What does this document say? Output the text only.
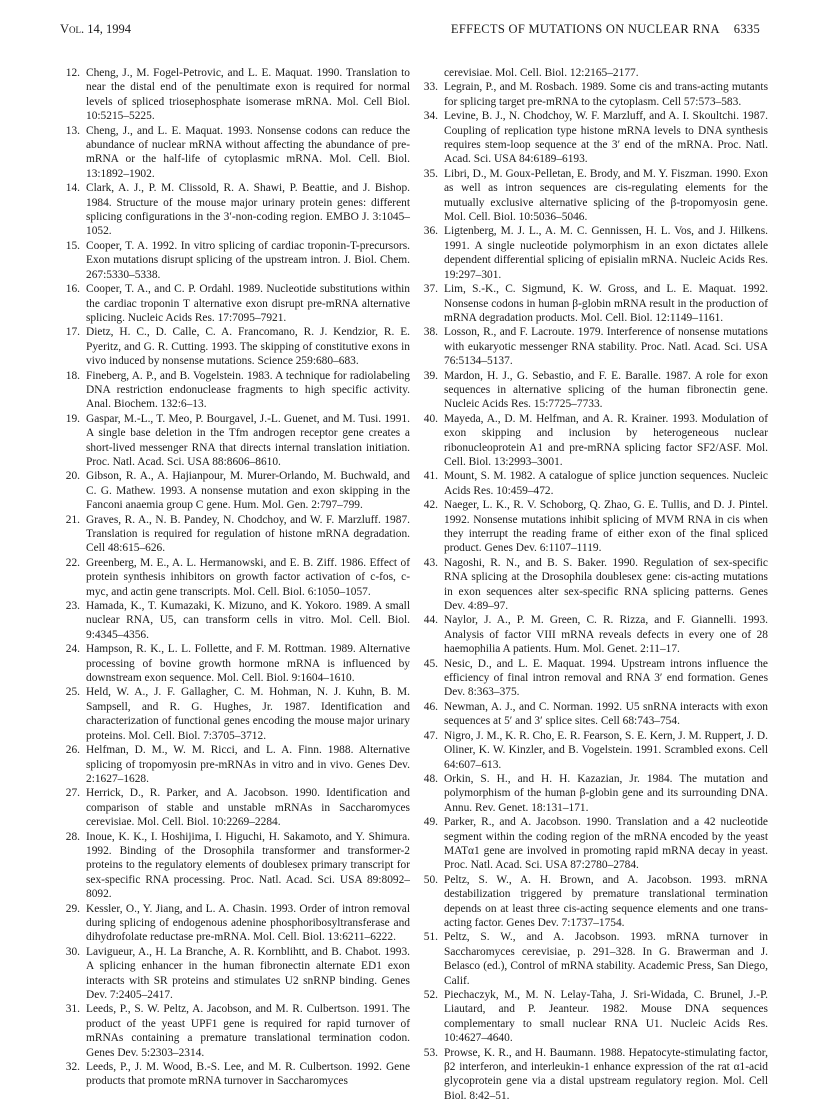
Vol. 14, 1994	EFFECTS OF MUTATIONS ON NUCLEAR RNA 6335

12. Cheng, J., M. Fogel-Petrovic, and L. E. Maquat. 1990. Translation to near the distal end of the penultimate exon is required for normal levels of spliced triosephosphate isomerase mRNA. Mol. Cell Biol. 10:5215–5225.

13. Cheng, J., and L. E. Maquat. 1993. Nonsense codons can reduce the abundance of nuclear mRNA without affecting the abundance of pre-mRNA or the half-life of cytoplasmic mRNA. Mol. Cell. Biol. 13:1892–1902.

14. Clark, A. J., P. M. Clissold, R. A. Shawi, P. Beattie, and J. Bishop. 1984. Structure of the mouse major urinary protein genes: different splicing configurations in the 3′-non-coding region. EMBO J. 3:1045–1052.

15. Cooper, T. A. 1992. In vitro splicing of cardiac troponin-T-precursors. Exon mutations disrupt splicing of the upstream intron. J. Biol. Chem. 267:5330–5338.

16. Cooper, T. A., and C. P. Ordahl. 1989. Nucleotide substitutions within the cardiac troponin T alternative exon disrupt pre-mRNA alternative splicing. Nucleic Acids Res. 17:7095–7921.

17. Dietz, H. C., D. Calle, C. A. Francomano, R. J. Kendzior, R. E. Pyeritz, and G. R. Cutting. 1993. The skipping of constitutive exons in vivo induced by nonsense mutations. Science 259:680–683.

18. Fineberg, A. P., and B. Vogelstein. 1983. A technique for radiolabeling DNA restriction endonuclease fragments to high specific activity. Anal. Biochem. 132:6–13.

19. Gaspar, M.-L., T. Meo, P. Bourgavel, J.-L. Guenet, and M. Tusi. 1991. A single base deletion in the Tfm androgen receptor gene creates a short-lived messenger RNA that directs internal translation initiation. Proc. Natl. Acad. Sci. USA 88:8606–8610.

20. Gibson, R. A., A. Hajianpour, M. Murer-Orlando, M. Buchwald, and C. G. Mathew. 1993. A nonsense mutation and exon skipping in the Fanconi anaemia group C gene. Hum. Mol. Gen. 2:797–799.

21. Graves, R. A., N. B. Pandey, N. Chodchoy, and W. F. Marzluff. 1987. Translation is required for regulation of histone mRNA degradation. Cell 48:615–626.

22. Greenberg, M. E., A. L. Hermanowski, and E. B. Ziff. 1986. Effect of protein synthesis inhibitors on growth factor activation of c-fos, c-myc, and actin gene transcripts. Mol. Cell. Biol. 6:1050–1057.

23. Hamada, K., T. Kumazaki, K. Mizuno, and K. Yokoro. 1989. A small nuclear RNA, U5, can transform cells in vitro. Mol. Cell. Biol. 9:4345–4356.

24. Hampson, R. K., L. L. Follette, and F. M. Rottman. 1989. Alternative processing of bovine growth hormone mRNA is influenced by downstream exon sequence. Mol. Cell. Biol. 9:1604–1610.

25. Held, W. A., J. F. Gallagher, C. M. Hohman, N. J. Kuhn, B. M. Sampsell, and R. G. Hughes, Jr. 1987. Identification and characterization of functional genes encoding the mouse major urinary proteins. Mol. Cell. Biol. 7:3705–3712.

26. Helfman, D. M., W. M. Ricci, and L. A. Finn. 1988. Alternative splicing of tropomyosin pre-mRNAs in vitro and in vivo. Genes Dev. 2:1627–1628.

27. Herrick, D., R. Parker, and A. Jacobson. 1990. Identification and comparison of stable and unstable mRNAs in Saccharomyces cerevisiae. Mol. Cell. Biol. 10:2269–2284.

28. Inoue, K. K., I. Hoshijima, I. Higuchi, H. Sakamoto, and Y. Shimura. 1992. Binding of the Drosophila transformer and transformer-2 proteins to the regulatory elements of doublesex primary transcript for sex-specific RNA processing. Proc. Natl. Acad. Sci. USA 89:8092–8092.

29. Kessler, O., Y. Jiang, and L. A. Chasin. 1993. Order of intron removal during splicing of endogenous adenine phosphoribosyltransferase and dihydrofolate reductase pre-mRNA. Mol. Cell. Biol. 13:6211–6222.

30. Lavigueur, A., H. La Branche, A. R. Kornblihtt, and B. Chabot. 1993. A splicing enhancer in the human fibronectin alternate ED1 exon interacts with SR proteins and stimulates U2 snRNP binding. Genes Dev. 7:2405–2417.

31. Leeds, P., S. W. Peltz, A. Jacobson, and M. R. Culbertson. 1991. The product of the yeast UPF1 gene is required for rapid turnover of mRNAs containing a premature translational termination codon. Genes Dev. 5:2303–2314.

32. Leeds, P., J. M. Wood, B.-S. Lee, and M. R. Culbertson. 1992. Gene products that promote mRNA turnover in Saccharomyces

cerevisiae. Mol. Cell. Biol. 12:2165–2177.

33. Legrain, P., and M. Rosbach. 1989. Some cis and trans-acting mutants for splicing target pre-mRNA to the cytoplasm. Cell 57:573–583.

34. Levine, B. J., N. Chodchoy, W. F. Marzluff, and A. I. Skoultchi. 1987. Coupling of replication type histone mRNA levels to DNA synthesis requires stem-loop sequence at the 3′ end of the mRNA. Proc. Natl. Acad. Sci. USA 84:6189–6193.

35. Libri, D., M. Goux-Pelletan, E. Brody, and M. Y. Fiszman. 1990. Exon as well as intron sequences are cis-regulating elements for the mutually exclusive alternative splicing of the β-tropomyosin gene. Mol. Cell. Biol. 10:5036–5046.

36. Ligtenberg, M. J. L., A. M. C. Gennissen, H. L. Vos, and J. Hilkens. 1991. A single nucleotide polymorphism in an exon dictates allele dependent differential splicing of episialin mRNA. Nucleic Acids Res. 19:297–301.

37. Lim, S.-K., C. Sigmund, K. W. Gross, and L. E. Maquat. 1992. Nonsense codons in human β-globin mRNA result in the production of mRNA degradation products. Mol. Cell. Biol. 12:1149–1161.

38. Losson, R., and F. Lacroute. 1979. Interference of nonsense mutations with eukaryotic messenger RNA stability. Proc. Natl. Acad. Sci. USA 76:5134–5137.

39. Mardon, H. J., G. Sebastio, and F. E. Baralle. 1987. A role for exon sequences in alternative splicing of the human fibronectin gene. Nucleic Acids Res. 15:7725–7733.

40. Mayeda, A., D. M. Helfman, and A. R. Krainer. 1993. Modulation of exon skipping and inclusion by heterogeneous nuclear ribonucleoprotein A1 and pre-mRNA splicing factor SF2/ASF. Mol. Cell. Biol. 13:2993–3001.

41. Mount, S. M. 1982. A catalogue of splice junction sequences. Nucleic Acids Res. 10:459–472.

42. Naeger, L. K., R. V. Schoborg, Q. Zhao, G. E. Tullis, and D. J. Pintel. 1992. Nonsense mutations inhibit splicing of MVM RNA in cis when they interrupt the reading frame of either exon of the final spliced product. Genes Dev. 6:1107–1119.

43. Nagoshi, R. N., and B. S. Baker. 1990. Regulation of sex-specific RNA splicing at the Drosophila doublesex gene: cis-acting mutations in exon sequences alter sex-specific RNA splicing patterns. Genes Dev. 4:89–97.

44. Naylor, J. A., P. M. Green, C. R. Rizza, and F. Giannelli. 1993. Analysis of factor VIII mRNA reveals defects in every one of 28 haemophilia A patients. Hum. Mol. Genet. 2:11–17.

45. Nesic, D., and L. E. Maquat. 1994. Upstream introns influence the efficiency of final intron removal and RNA 3′ end formation. Genes Dev. 8:363–375.

46. Newman, A. J., and C. Norman. 1992. U5 snRNA interacts with exon sequences at 5′ and 3′ splice sites. Cell 68:743–754.

47. Nigro, J. M., K. R. Cho, E. R. Fearson, S. E. Kern, J. M. Ruppert, J. D. Oliner, K. W. Kinzler, and B. Vogelstein. 1991. Scrambled exons. Cell 64:607–613.

48. Orkin, S. H., and H. H. Kazazian, Jr. 1984. The mutation and polymorphism of the human β-globin gene and its surrounding DNA. Annu. Rev. Genet. 18:131–171.

49. Parker, R., and A. Jacobson. 1990. Translation and a 42 nucleotide segment within the coding region of the mRNA encoded by the yeast MATα1 gene are involved in promoting rapid mRNA decay in yeast. Proc. Natl. Acad. Sci. USA 87:2780–2784.

50. Peltz, S. W., A. H. Brown, and A. Jacobson. 1993. mRNA destabilization triggered by premature translational termination depends on at least three cis-acting sequence elements and one trans-acting factor. Genes Dev. 7:1737–1754.

51. Peltz, S. W., and A. Jacobson. 1993. mRNA turnover in Saccharomyces cerevisiae, p. 291–328. In G. Brawerman and J. Belasco (ed.), Control of mRNA stability. Academic Press, San Diego, Calif.

52. Piechaczyk, M., M. N. Lelay-Taha, J. Sri-Widada, C. Brunel, J.-P. Liautard, and P. Jeanteur. 1982. Mouse DNA sequences complementary to small nuclear RNA U1. Nucleic Acids Res. 10:4627–4640.

53. Prowse, K. R., and H. Baumann. 1988. Hepatocyte-stimulating factor, β2 interferon, and interleukin-1 enhance expression of the rat α1-acid glycoprotein gene via a distal upstream regulatory region. Mol. Cell Biol. 8:42–51.
